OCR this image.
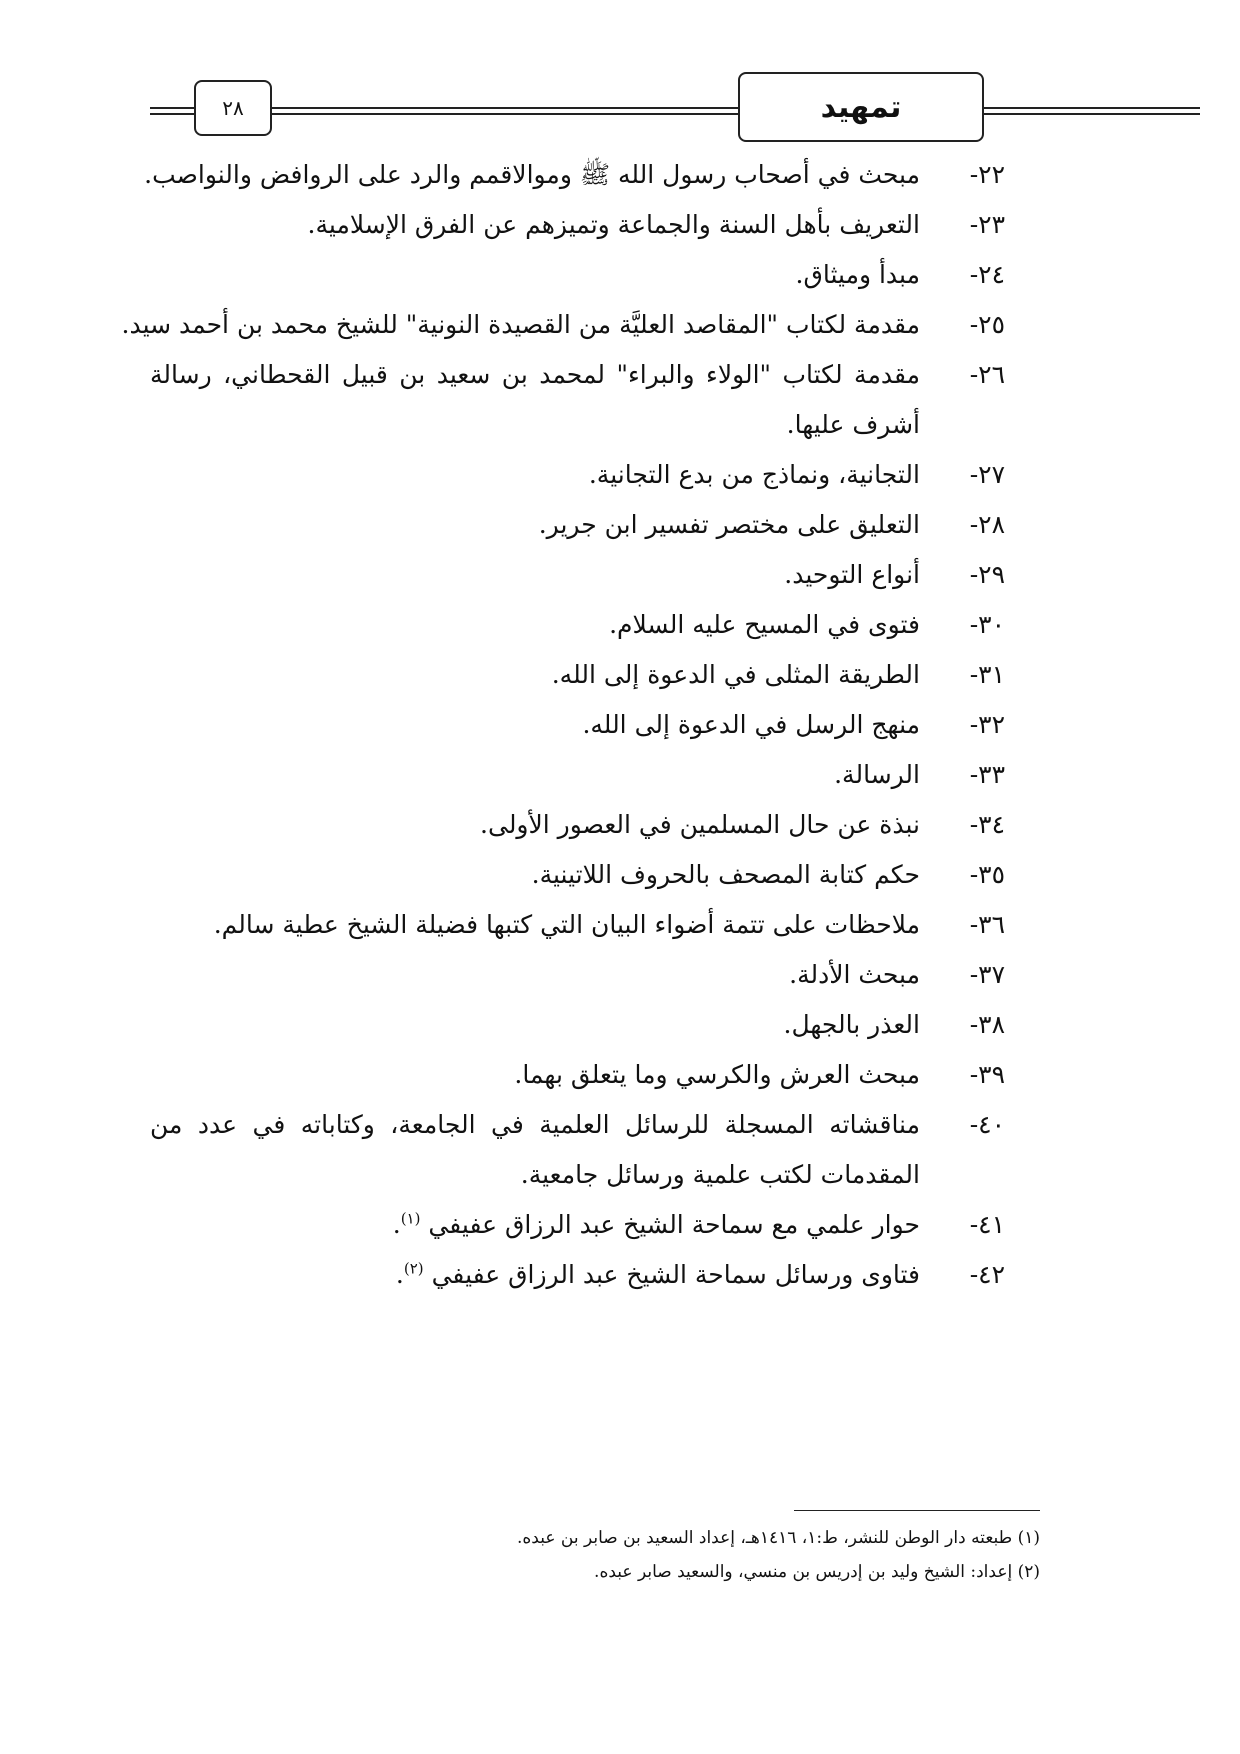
تمهيد
٢٨
٢٢-
مبحث في أصحاب رسول الله ﷺ وموالاقمم والرد على الروافض والنواصب.
٢٣-
التعريف بأهل السنة والجماعة وتميزهم عن الفرق الإسلامية.
٢٤-
مبدأ وميثاق.
٢٥-
مقدمة لكتاب "المقاصد العليَّة من القصيدة النونية" للشيخ محمد بن أحمد سيد.
٢٦-
مقدمة لكتاب "الولاء والبراء" لمحمد بن سعيد بن قبيل القحطاني، رسالة أشرف عليها.
٢٧-
التجانية، ونماذج من بدع التجانية.
٢٨-
التعليق على مختصر تفسير ابن جرير.
٢٩-
أنواع التوحيد.
٣٠-
فتوى في المسيح عليه السلام.
٣١-
الطريقة المثلى في الدعوة إلى الله.
٣٢-
منهج الرسل في الدعوة إلى الله.
٣٣-
الرسالة.
٣٤-
نبذة عن حال المسلمين في العصور الأولى.
٣٥-
حكم كتابة المصحف بالحروف اللاتينية.
٣٦-
ملاحظات على تتمة أضواء البيان التي كتبها فضيلة الشيخ عطية سالم.
٣٧-
مبحث الأدلة.
٣٨-
العذر بالجهل.
٣٩-
مبحث العرش والكرسي وما يتعلق بهما.
٤٠-
مناقشاته المسجلة للرسائل العلمية في الجامعة، وكتاباته في عدد من المقدمات لكتب علمية ورسائل جامعية.
٤١-
حوار علمي مع سماحة الشيخ عبد الرزاق عفيفي $^{(١)}$.
٤٢-
فتاوى ورسائل سماحة الشيخ عبد الرزاق عفيفي $^{(٢)}$.
(١) طبعته دار الوطن للنشر، ط:١، ١٤١٦هـ، إعداد السعيد بن صابر بن عبده.
(٢) إعداد: الشيخ وليد بن إدريس بن منسي، والسعيد صابر عبده.
